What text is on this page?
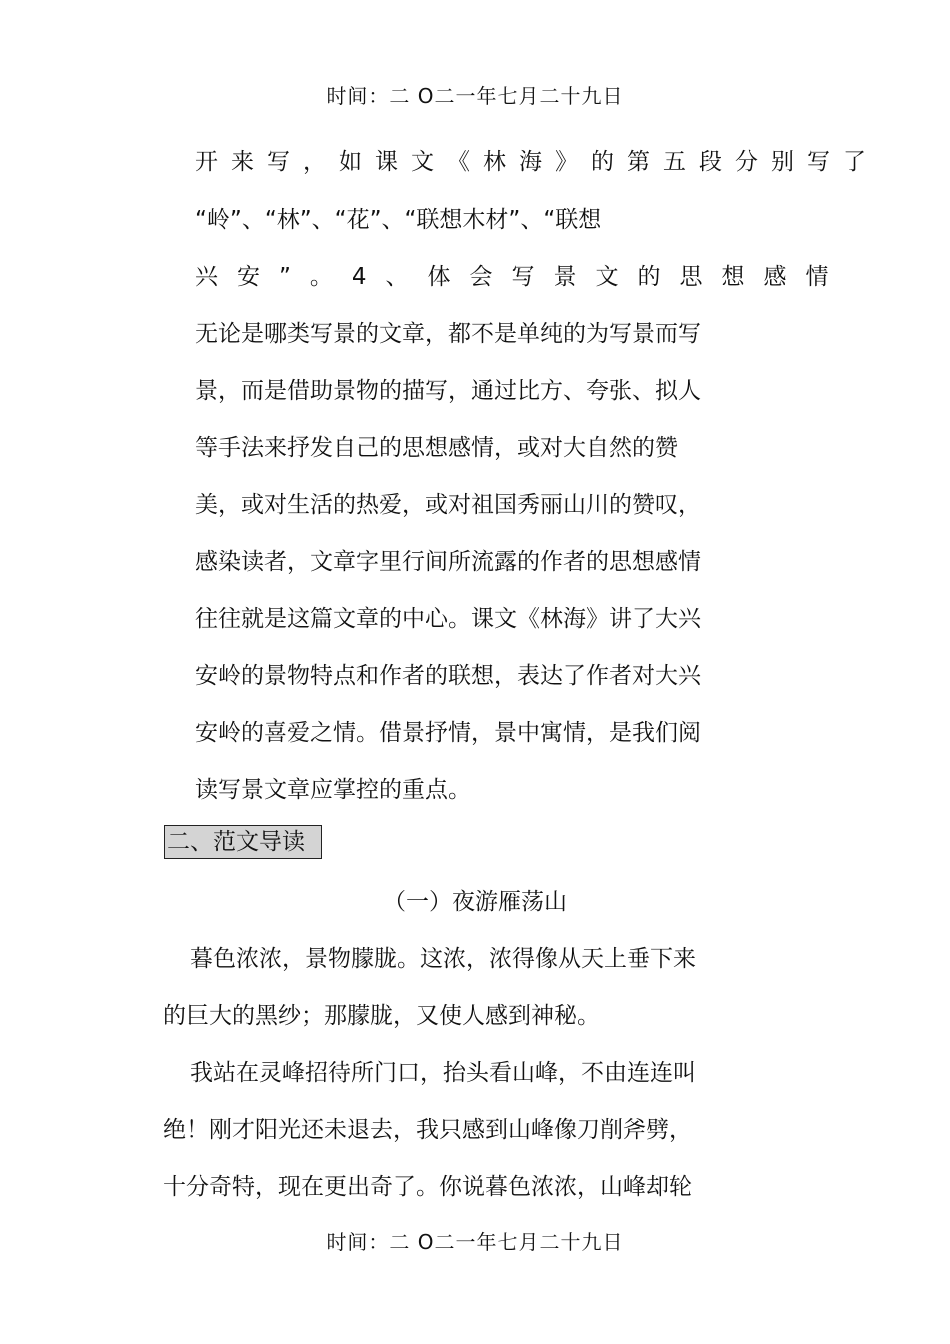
时间：二 O二一年七月二十九日
开来写，如课文《林海》的第五段分别写了
“岭”、“林”、“花”、“联想木材”、“联想
兴安”。4、体会写景文的思想感情
无论是哪类写景的文章，都不是单纯的为写景而写
景，而是借助景物的描写，通过比方、夸张、拟人
等手法来抒发自己的思想感情，或对大自然的赞
美，或对生活的热爱，或对祖国秀丽山川的赞叹，
感染读者，文章字里行间所流露的作者的思想感情
往往就是这篇文章的中心。课文《林海》讲了大兴
安岭的景物特点和作者的联想，表达了作者对大兴
安岭的喜爱之情。借景抒情，景中寓情，是我们阅
读写景文章应掌控的重点。
二、范文导读
（一）夜游雁荡山
暮色浓浓，景物朦胧。这浓，浓得像从天上垂下来
的巨大的黑纱；那朦胧，又使人感到神秘。
我站在灵峰招待所门口，抬头看山峰，不由连连叫
绝！刚才阳光还未退去，我只感到山峰像刀削斧劈，
十分奇特，现在更出奇了。你说暮色浓浓，山峰却轮
时间：二 O二一年七月二十九日
